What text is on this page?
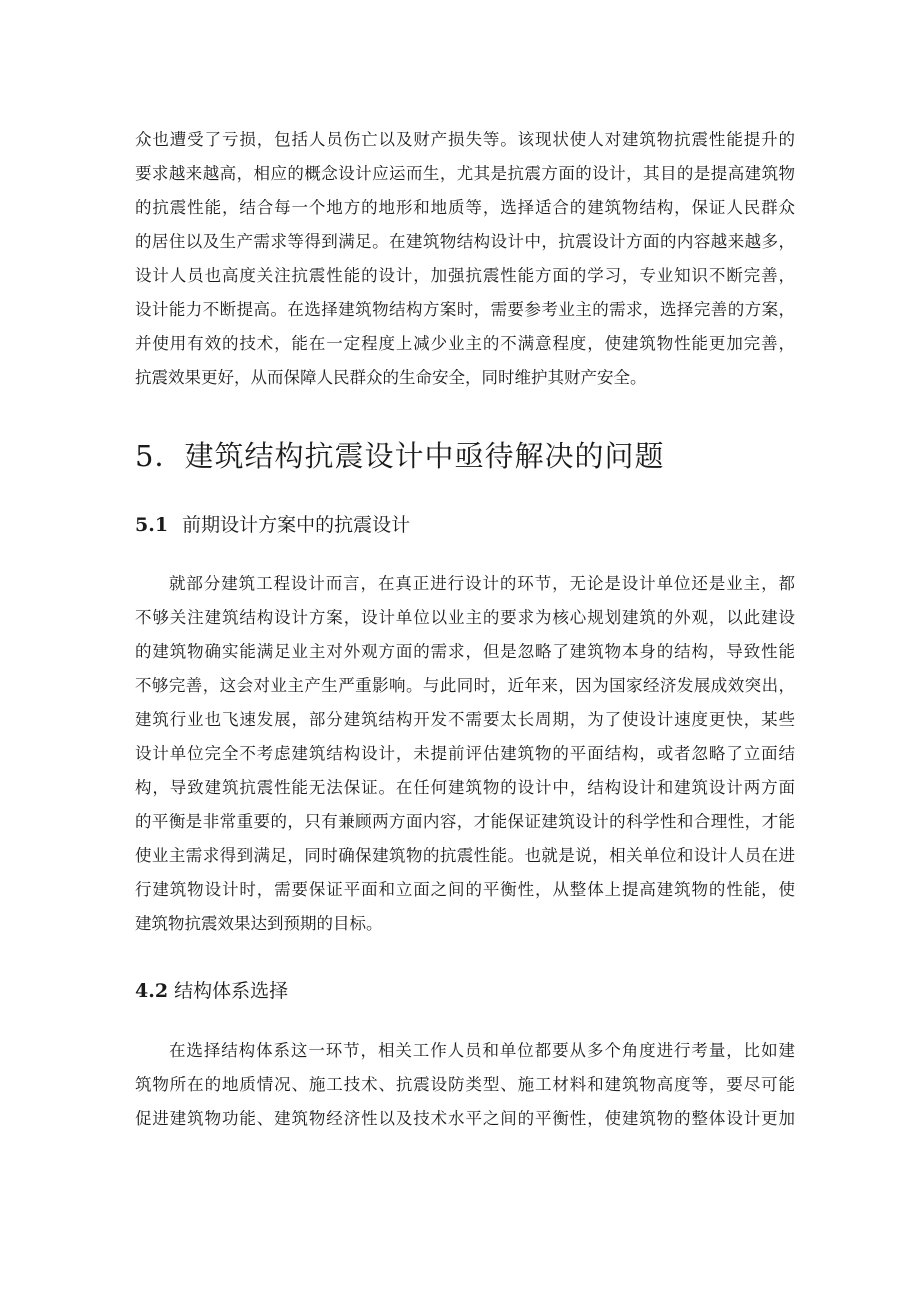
众也遭受了亏损，包括人员伤亡以及财产损失等。该现状使人对建筑物抗震性能提升的
要求越来越高，相应的概念设计应运而生，尤其是抗震方面的设计，其目的是提高建筑物
的抗震性能，结合每一个地方的地形和地质等，选择适合的建筑物结构，保证人民群众
的居住以及生产需求等得到满足。在建筑物结构设计中，抗震设计方面的内容越来越多，
设计人员也高度关注抗震性能的设计，加强抗震性能方面的学习，专业知识不断完善，
设计能力不断提高。在选择建筑物结构方案时，需要参考业主的需求，选择完善的方案，
并使用有效的技术，能在一定程度上减少业主的不满意程度，使建筑物性能更加完善，
抗震效果更好，从而保障人民群众的生命安全，同时维护其财产安全。
5．建筑结构抗震设计中亟待解决的问题
5.1 前期设计方案中的抗震设计
就部分建筑工程设计而言，在真正进行设计的环节，无论是设计单位还是业主，都
不够关注建筑结构设计方案，设计单位以业主的要求为核心规划建筑的外观，以此建设
的建筑物确实能满足业主对外观方面的需求，但是忽略了建筑物本身的结构，导致性能
不够完善，这会对业主产生严重影响。与此同时，近年来，因为国家经济发展成效突出，
建筑行业也飞速发展，部分建筑结构开发不需要太长周期，为了使设计速度更快，某些
设计单位完全不考虑建筑结构设计，未提前评估建筑物的平面结构，或者忽略了立面结
构，导致建筑抗震性能无法保证。在任何建筑物的设计中，结构设计和建筑设计两方面
的平衡是非常重要的，只有兼顾两方面内容，才能保证建筑设计的科学性和合理性，才能
使业主需求得到满足，同时确保建筑物的抗震性能。也就是说，相关单位和设计人员在进
行建筑物设计时，需要保证平面和立面之间的平衡性，从整体上提高建筑物的性能，使
建筑物抗震效果达到预期的目标。
4.2 结构体系选择
在选择结构体系这一环节，相关工作人员和单位都要从多个角度进行考量，比如建
筑物所在的地质情况、施工技术、抗震设防类型、施工材料和建筑物高度等，要尽可能
促进建筑物功能、建筑物经济性以及技术水平之间的平衡性，使建筑物的整体设计更加
